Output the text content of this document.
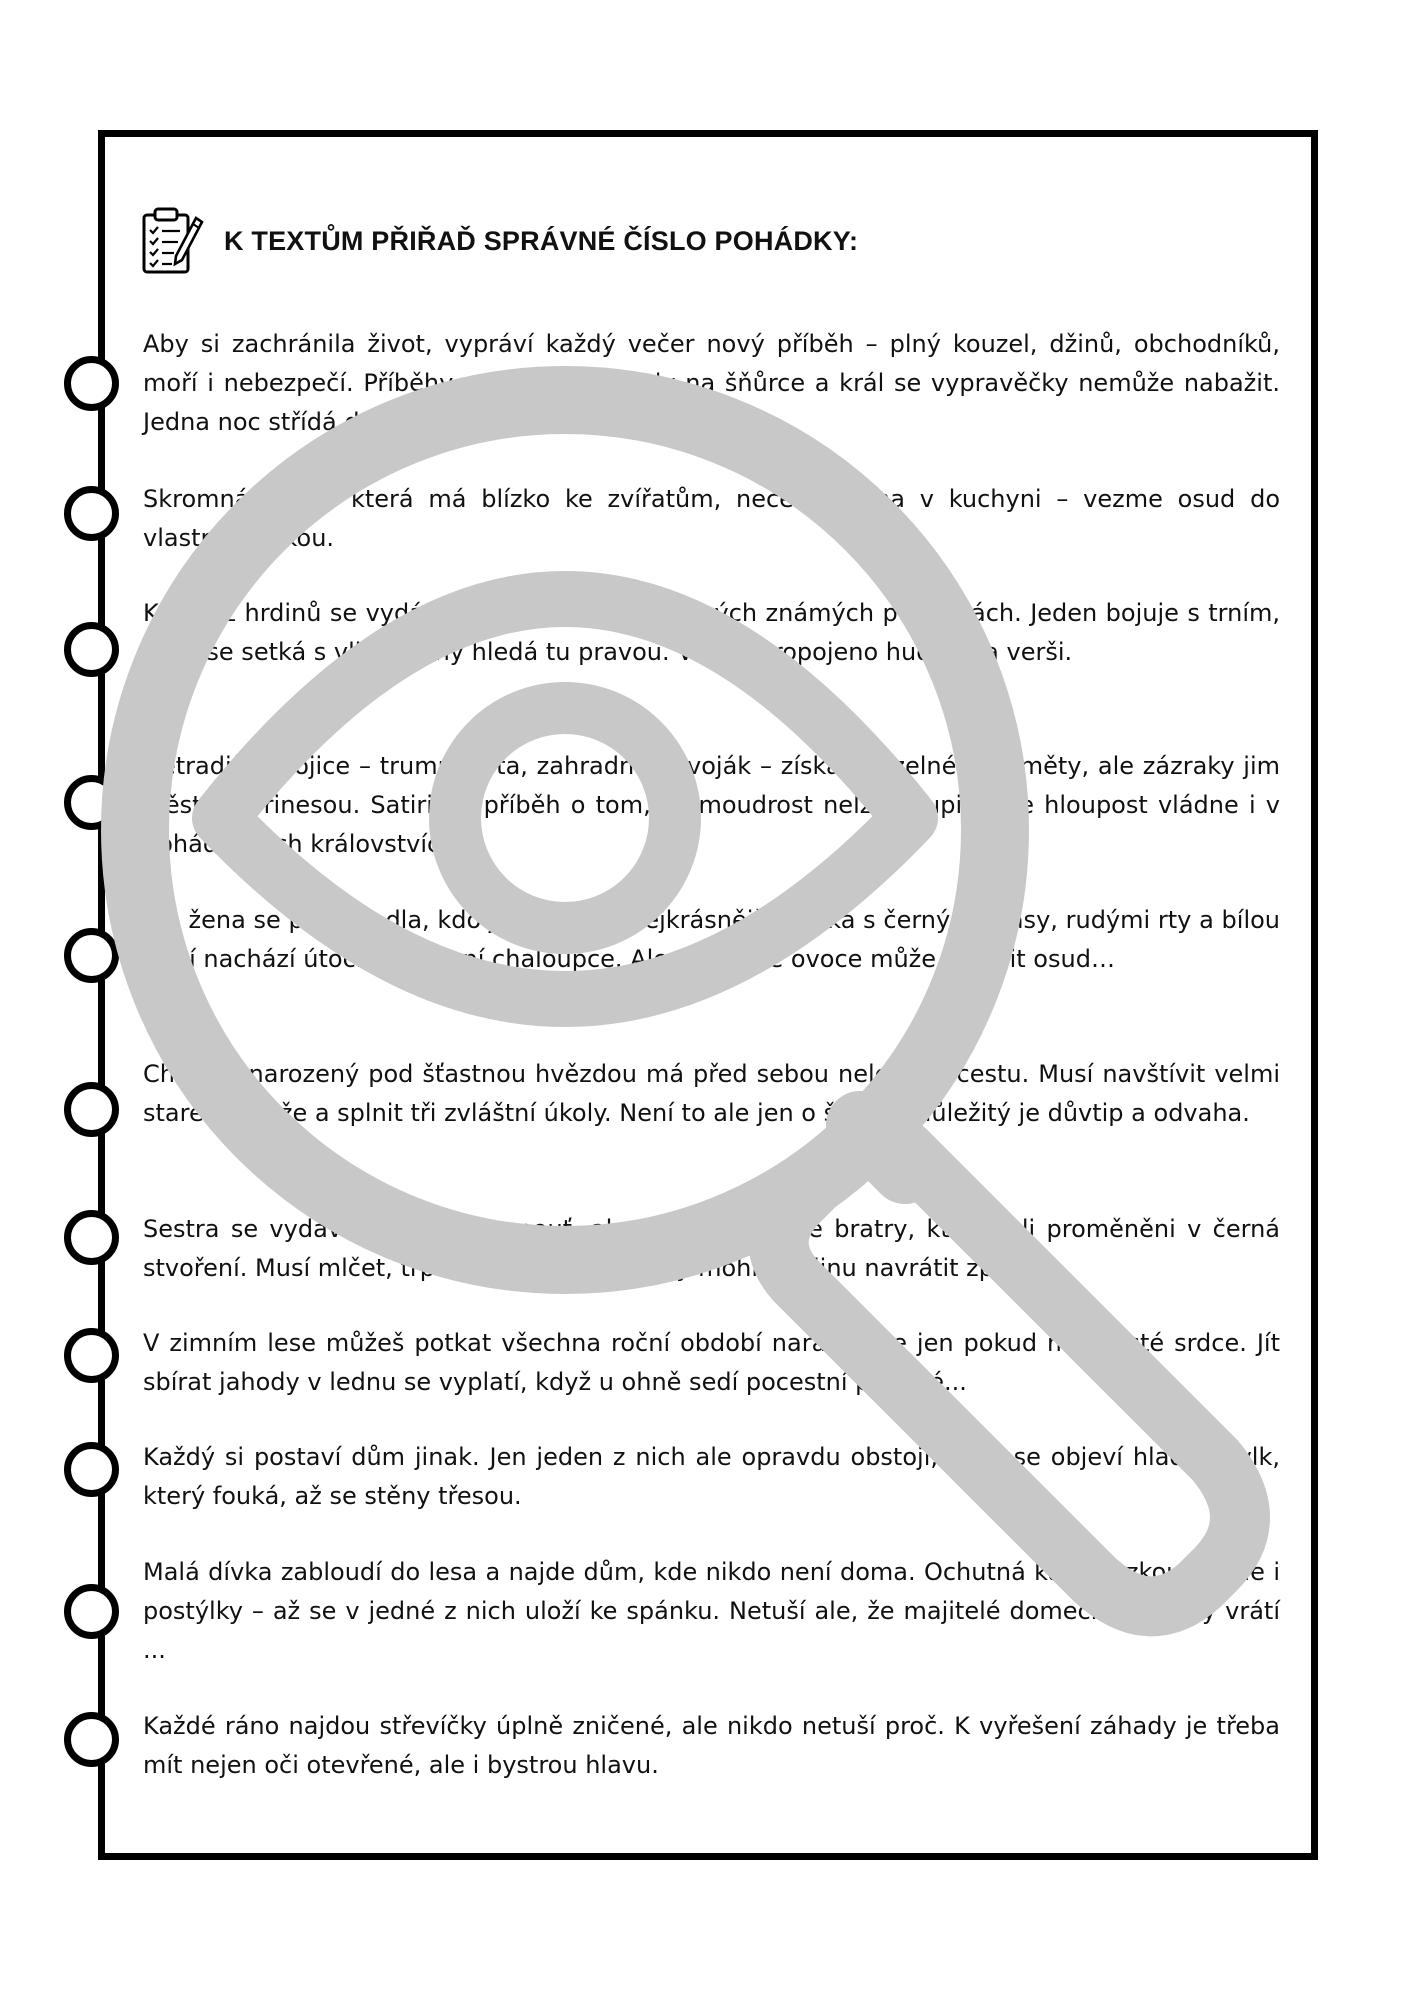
K TEXTŮM PŘIŘAĎ SPRÁVNÉ ČÍSLO POHÁDKY:

Aby si zachránila život, vypráví každý večer nový příběh – plný kouzel, džinů, obchodníků, moří i nebezpečí. Příběhy se řadí jako perly na šňůrce a král se vypravěčky nemůže nabažit. Jedna noc střídá druhou…

Skromná dívka, která má blízko ke zvířatům, nečeká doma v kuchyni – vezme osud do vlastních rukou.

Každý z hrdinů se vydává na cestu a ocitá v jiných známých pohádkách. Jeden bojuje s trním, další se setká s vlkem, jiný hledá tu pravou. Vše je propojeno hudbou a verši.

Netradiční trojice – trumpetista, zahradník a voják – získá kouzelné předměty, ale zázraky jim štěstí nepřinesou. Satirický příběh o tom, že moudrost nelze koupit a že hloupost vládne i v pohádkových královstvích.

Zlá žena se ptá zrcadla, kdo je na světě nejkrásnější. Dívka s černými vlasy, rudými rty a bílou pletí nachází útočiště v lesní chaloupce. Ale otrávené ovoce může změnit osud…

Chlapec narozený pod šťastnou hvězdou má před sebou nelehkou cestu. Musí navštívit velmi starého muže a splnit tři zvláštní úkoly. Není to ale jen o štěstí – důležitý je důvtip a odvaha.

Sestra se vydává na dlouhou pouť, aby zachránila své bratry, kteří byli proměněni v černá stvoření. Musí mlčet, trpět a obětovat se, aby mohla rodinu navrátit zpět.

V zimním lese můžeš potkat všechna roční období naráz – ale jen pokud máš čisté srdce. Jít sbírat jahody v lednu se vyplatí, když u ohně sedí pocestní pánové...

Každý si postaví dům jinak. Jen jeden z nich ale opravdu obstojí, když se objeví hladový vlk, který fouká, až se stěny třesou.

Malá dívka zabloudí do lesa a najde dům, kde nikdo není doma. Ochutná kaši, vyzkouší židle i postýlky – až se v jedné z nich uloží ke spánku. Netuší ale, že majitelé domečku se brzy vrátí ...

Každé ráno najdou střevíčky úplně zničené, ale nikdo netuší proč. K vyřešení záhady je třeba mít nejen oči otevřené, ale i bystrou hlavu.
